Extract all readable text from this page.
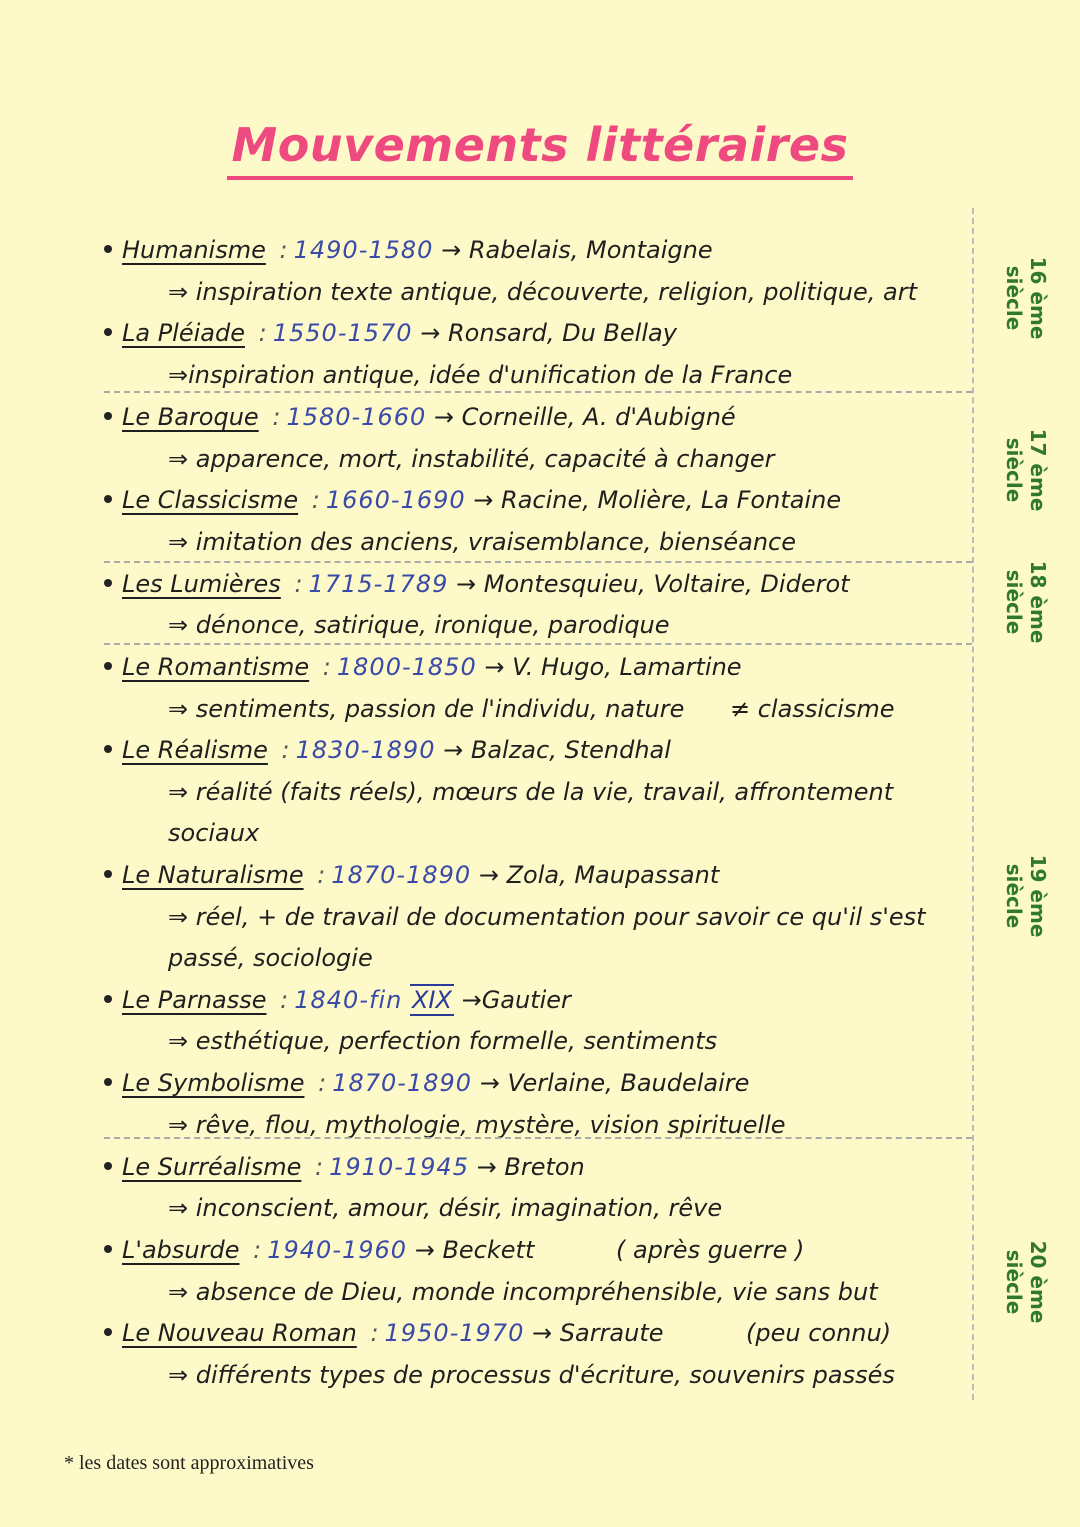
Mouvements littéraires
Humanisme : 1490-1580 → Rabelais, Montaigne
⇒ inspiration texte antique, découverte, religion, politique, art
La Pléiade : 1550-1570 → Ronsard, Du Bellay
⇒inspiration antique, idée d'unification de la France
Le Baroque : 1580-1660 → Corneille, A. d'Aubigné
⇒ apparence, mort, instabilité, capacité à changer
Le Classicisme : 1660-1690 → Racine, Molière, La Fontaine
⇒ imitation des anciens, vraisemblance, bienséance
Les Lumières : 1715-1789 → Montesquieu, Voltaire, Diderot
⇒ dénonce, satirique, ironique, parodique
Le Romantisme : 1800-1850 → V. Hugo, Lamartine
⇒ sentiments, passion de l'individu, nature ≠ classicisme
Le Réalisme : 1830-1890 → Balzac, Stendhal
⇒ réalité (faits réels), mœurs de la vie, travail, affrontement
sociaux
Le Naturalisme : 1870-1890 → Zola, Maupassant
⇒ réel, + de travail de documentation pour savoir ce qu'il s'est
passé, sociologie
Le Parnasse : 1840-fin XIX →Gautier
⇒ esthétique, perfection formelle, sentiments
Le Symbolisme : 1870-1890 → Verlaine, Baudelaire
⇒ rêve, flou, mythologie, mystère, vision spirituelle
Le Surréalisme : 1910-1945 → Breton
⇒ inconscient, amour, désir, imagination, rêve
L'absurde : 1940-1960 → Beckett	( après guerre )
⇒ absence de Dieu, monde incompréhensible, vie sans but
Le Nouveau Roman : 1950-1970 → Sarraute	(peu connu)
⇒ différents types de processus d'écriture, souvenirs passés
16 ème
siècle
17 ème
siècle
18 ème
siècle
19 ème
siècle
20 ème
siècle
* les dates sont approximatives
